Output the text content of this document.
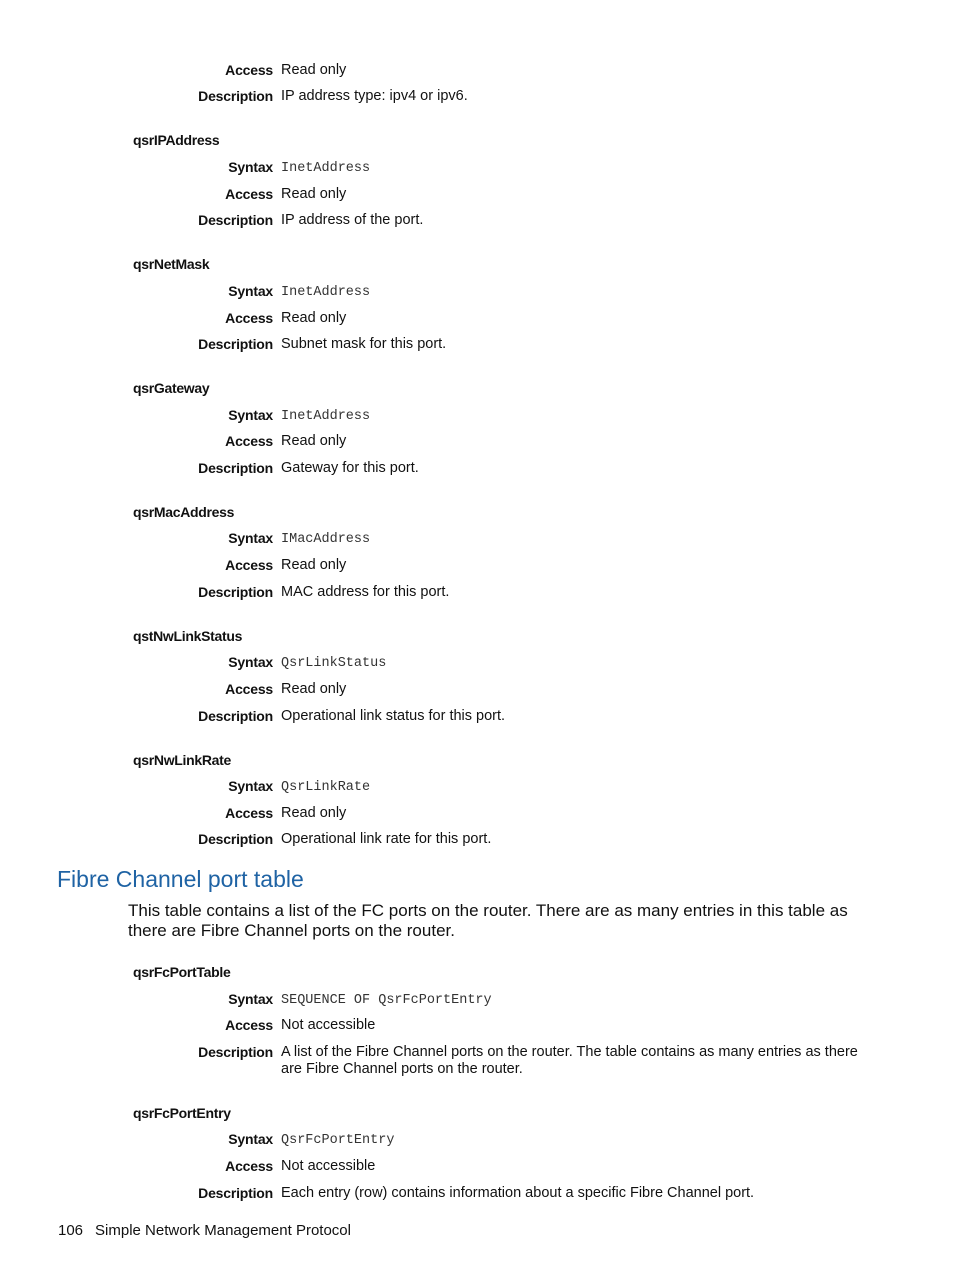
Access Read only
Description IP address type: ipv4 or ipv6.
qsrIPAddress
Syntax InetAddress
Access Read only
Description IP address of the port.
qsrNetMask
Syntax InetAddress
Access Read only
Description Subnet mask for this port.
qsrGateway
Syntax InetAddress
Access Read only
Description Gateway for this port.
qsrMacAddress
Syntax IMacAddress
Access Read only
Description MAC address for this port.
qstNwLinkStatus
Syntax QsrLinkStatus
Access Read only
Description Operational link status for this port.
qsrNwLinkRate
Syntax QsrLinkRate
Access Read only
Description Operational link rate for this port.
Fibre Channel port table
This table contains a list of the FC ports on the router. There are as many entries in this table as there are Fibre Channel ports on the router.
qsrFcPortTable
Syntax SEQUENCE OF QsrFcPortEntry
Access Not accessible
Description A list of the Fibre Channel ports on the router. The table contains as many entries as there are Fibre Channel ports on the router.
qsrFcPortEntry
Syntax QsrFcPortEntry
Access Not accessible
Description Each entry (row) contains information about a specific Fibre Channel port.
106 Simple Network Management Protocol
